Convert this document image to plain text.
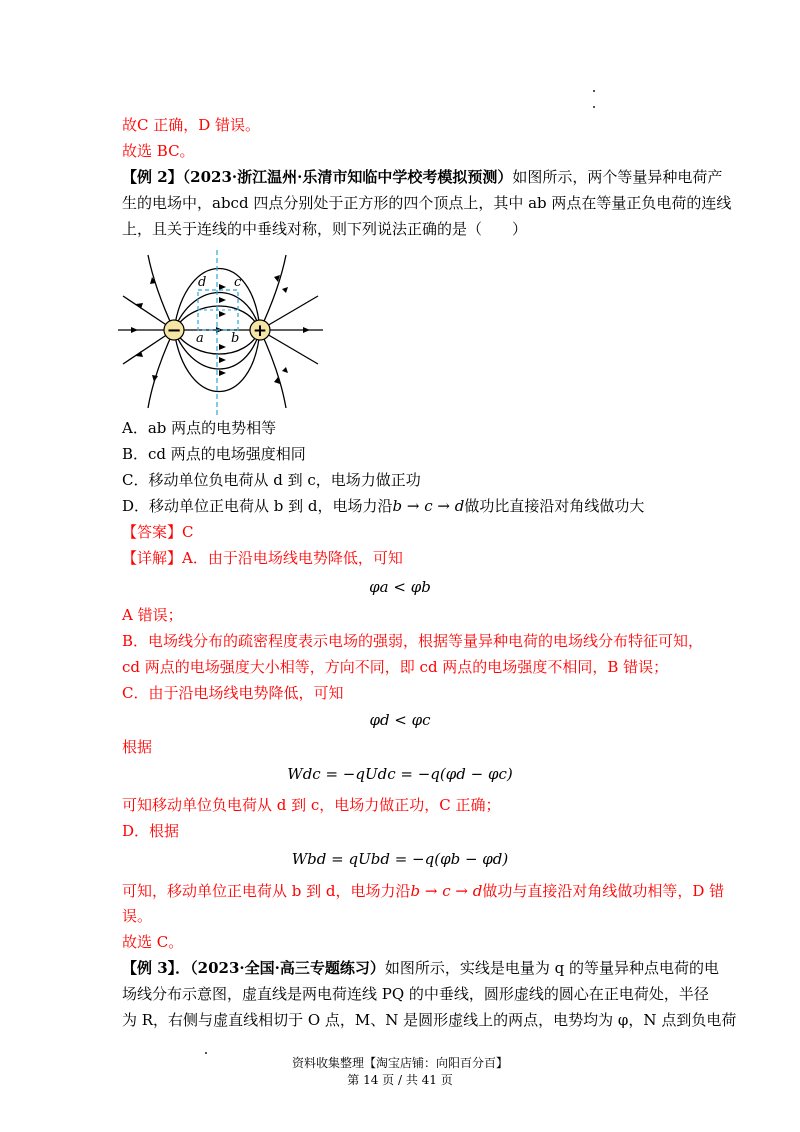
故C 正确，D 错误。
故选 BC。
【例 2】（2023·浙江温州·乐清市知临中学校考模拟预测）如图所示，两个等量异种电荷产
生的电场中，abcd 四点分别处于正方形的四个顶点上，其中 ab 两点在等量正负电荷的连线
上，且关于连线的中垂线对称，则下列说法正确的是（　　）
−	+
a b
c
d
A．ab 两点的电势相等
B．cd 两点的电场强度相同
C．移动单位负电荷从 d 到 c，电场力做正功
D．移动单位正电荷从 b 到 d，电场力沿b → c → d做功比直接沿对角线做功大
【答案】C
【详解】A．由于沿电场线电势降低，可知
φa < φb
A 错误；
B．电场线分布的疏密程度表示电场的强弱，根据等量异种电荷的电场线分布特征可知，
cd 两点的电场强度大小相等，方向不同，即 cd 两点的电场强度不相同，B 错误；
C．由于沿电场线电势降低，可知
φd < φc
根据
Wdc = −qUdc = −q(φd − φc)
可知移动单位负电荷从 d 到 c，电场力做正功，C 正确；
D．根据
Wbd = qUbd = −q(φb − φd)
可知，移动单位正电荷从 b 到 d，电场力沿b → c → d做功与直接沿对角线做功相等，D 错
误。
故选 C。
【例 3】．（2023·全国·高三专题练习）如图所示，实线是电量为 q 的等量异种点电荷的电
场线分布示意图，虚直线是两电荷连线 PQ 的中垂线，圆形虚线的圆心在正电荷处，半径
为 R，右侧与虚直线相切于 O 点，M、N 是圆形虚线上的两点，电势均为 φ，N 点到负电荷
资料收集整理【淘宝店铺：向阳百分百】
第 14 页 / 共 41 页
